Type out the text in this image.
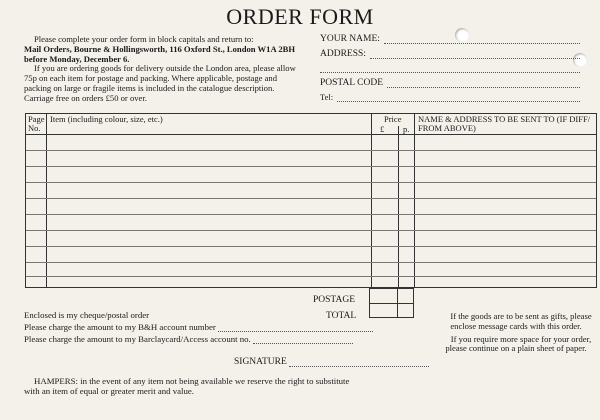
ORDER FORM

Please complete your order form in block capitals and return to:

Mail Orders, Bourne & Hollingsworth, 116 Oxford St., London W1A 2BH before Monday, December 6.

If you are ordering goods for delivery outside the London area, please allow 75p on each item for postage and packing. Where applicable, postage and packing on large or fragile items is included in the catalogue description. Carriage free on orders £50 or over.

YOUR NAME:
ADDRESS:
POSTAL CODE
Tel:
Page No.
Item (including colour, size, etc.)	Price
£ p.
NAME & ADDRESS TO BE SENT TO (IF DIFF/ FROM ABOVE)
POSTAGE
TOTAL
Enclosed is my cheque/postal order
Please charge the amount to my B&H account number
Please charge the amount to my Barclaycard/Access account no.
SIGNATURE

HAMPERS: in the event of any item not being available we reserve the right to substitute with an item of equal or greater merit and value.

If the goods are to be sent as gifts, please enclose message cards with this order.

If you require more space for your order, please continue on a plain sheet of paper.
